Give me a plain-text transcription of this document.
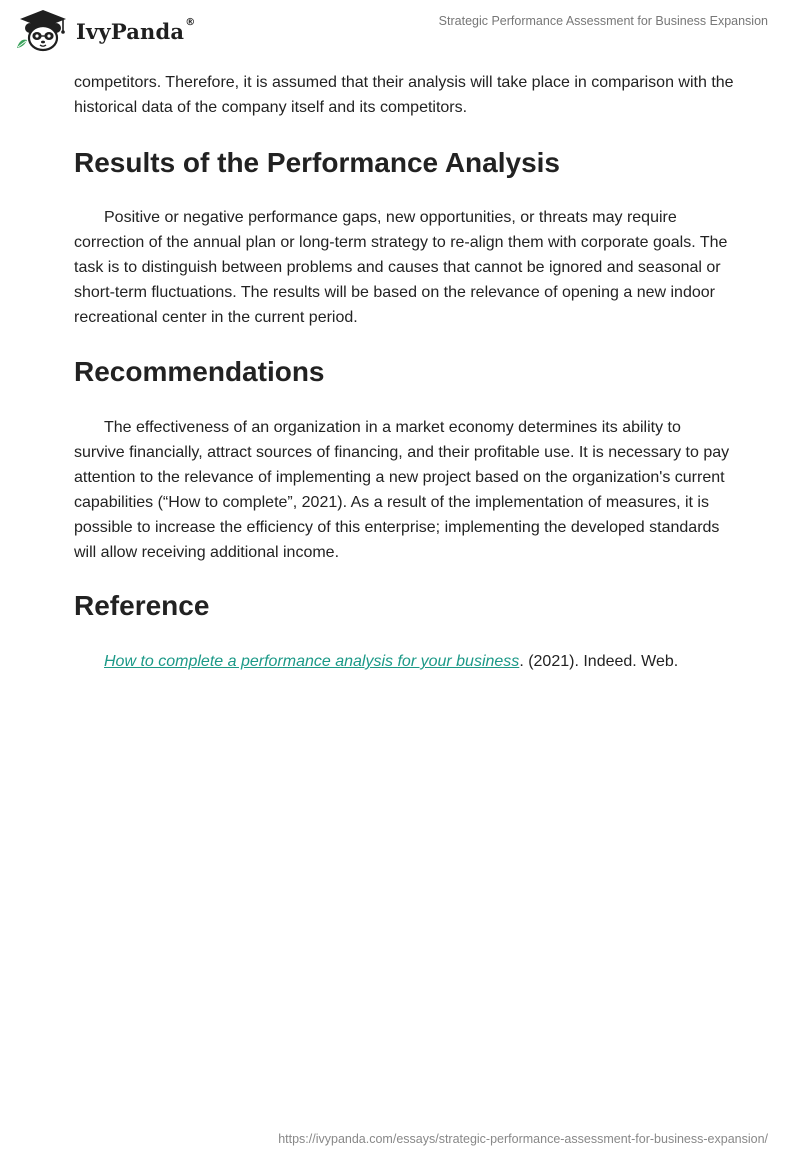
IvyPanda®	Strategic Performance Assessment for Business Expansion

competitors. Therefore, it is assumed that their analysis will take place in comparison with the historical data of the company itself and its competitors.

Results of the Performance Analysis

Positive or negative performance gaps, new opportunities, or threats may require correction of the annual plan or long-term strategy to re-align them with corporate goals. The task is to distinguish between problems and causes that cannot be ignored and seasonal or short-term fluctuations. The results will be based on the relevance of opening a new indoor recreational center in the current period.

Recommendations

The effectiveness of an organization in a market economy determines its ability to survive financially, attract sources of financing, and their profitable use. It is necessary to pay attention to the relevance of implementing a new project based on the organization's current capabilities (“How to complete”, 2021). As a result of the implementation of measures, it is possible to increase the efficiency of this enterprise; implementing the developed standards will allow receiving additional income.

Reference

How to complete a performance analysis for your business. (2021). Indeed. Web.

https://ivypanda.com/essays/strategic-performance-assessment-for-business-expansion/
